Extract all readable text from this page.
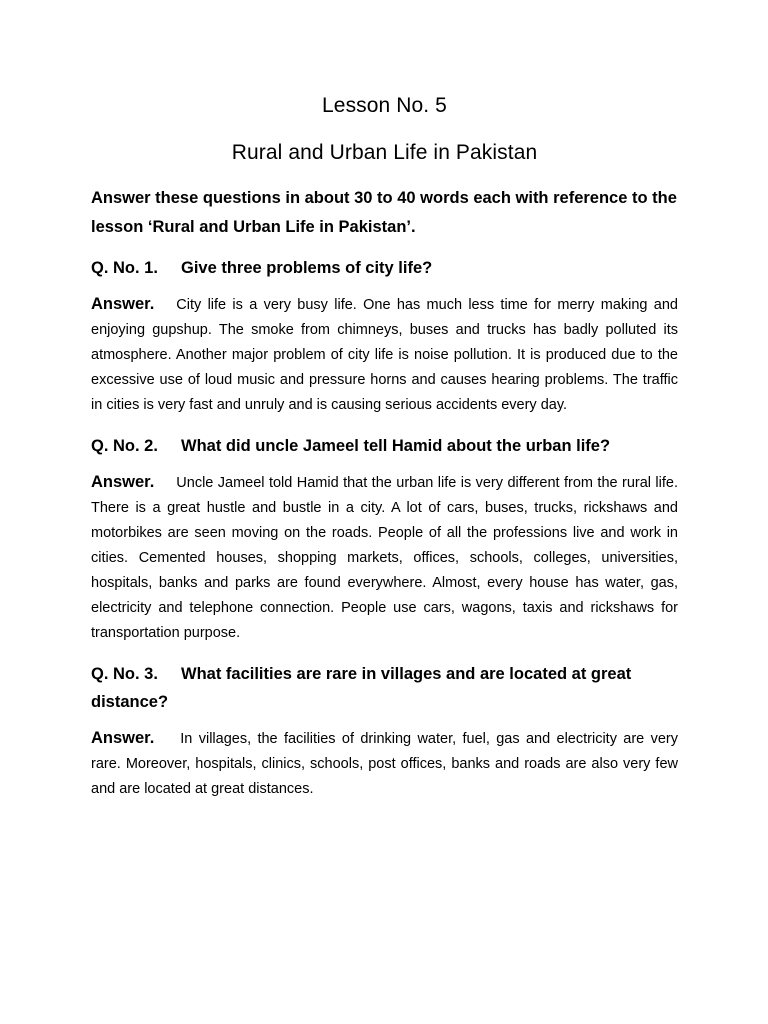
Lesson No. 5
Rural and Urban Life in Pakistan

Answer these questions in about 30 to 40 words each with reference to the lesson ‘Rural and Urban Life in Pakistan’.

Q. No. 1.	Give three problems of city life?

Answer. City life is a very busy life. One has much less time for merry making and enjoying gupshup. The smoke from chimneys, buses and trucks has badly polluted its atmosphere. Another major problem of city life is noise pollution. It is produced due to the excessive use of loud music and pressure horns and causes hearing problems. The traffic in cities is very fast and unruly and is causing serious accidents every day.

Q. No. 2.	What did uncle Jameel tell Hamid about the urban life?

Answer. Uncle Jameel told Hamid that the urban life is very different from the rural life. There is a great hustle and bustle in a city. A lot of cars, buses, trucks, rickshaws and motorbikes are seen moving on the roads. People of all the professions live and work in cities. Cemented houses, shopping markets, offices, schools, colleges, universities, hospitals, banks and parks are found everywhere. Almost, every house has water, gas, electricity and telephone connection. People use cars, wagons, taxis and rickshaws for transportation purpose.

Q. No. 3. What facilities are rare in villages and are located at great distance?

Answer. In villages, the facilities of drinking water, fuel, gas and electricity are very rare. Moreover, hospitals, clinics, schools, post offices, banks and roads are also very few and are located at great distances.
